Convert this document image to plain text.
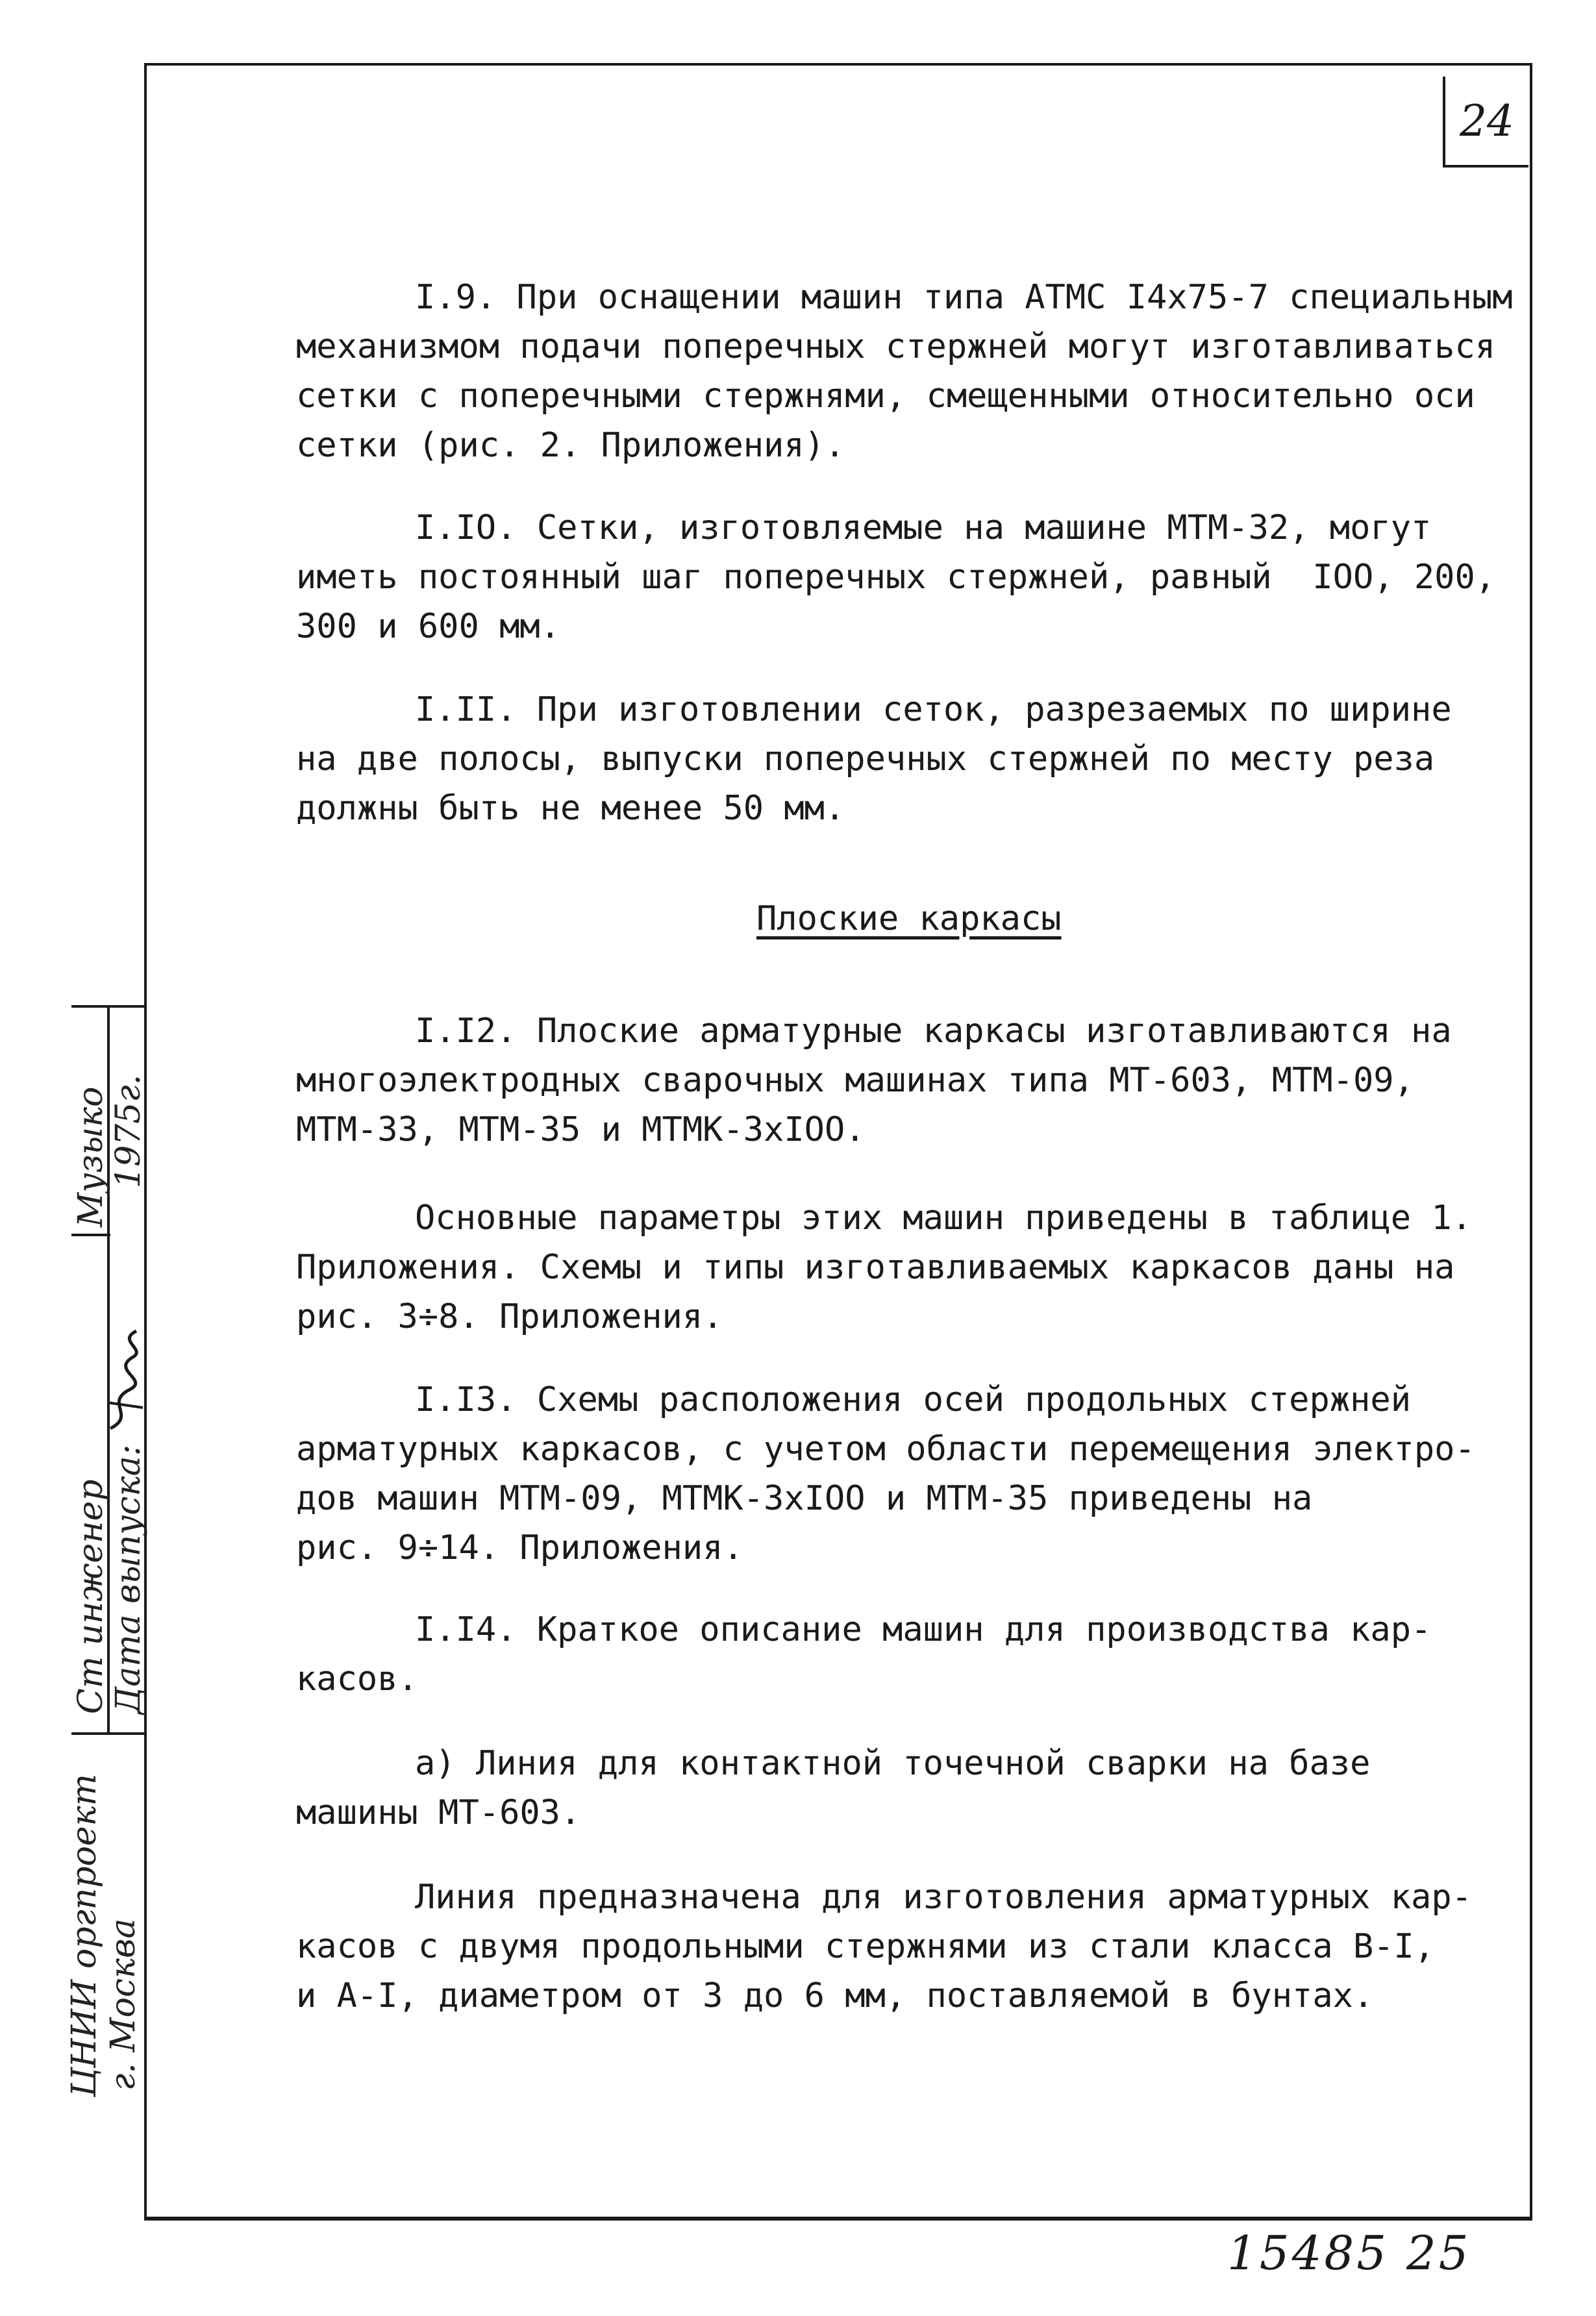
24

I.9. При оснащении машин типа АТМС I4х75-7 специальным

механизмом подачи поперечных стержней могут изготавливаться

сетки с поперечными стержнями, смещенными относительно оси

сетки (рис. 2. Приложения).

I.IO. Сетки, изготовляемые на машине МТМ-32, могут

иметь постоянный шаг поперечных стержней, равный  IOO, 200,

300 и 600 мм.

I.II. При изготовлении сеток, разрезаемых по ширине

на две полосы, выпуски поперечных стержней по месту реза

должны быть не менее 50 мм.

Плоские каркасы

I.I2. Плоские арматурные каркасы изготавливаются на

многоэлектродных сварочных машинах типа МТ-603, МТМ-09,

МТМ-33, МТМ-35 и МТМК-3хIOO.

Основные параметры этих машин приведены в таблице 1.

Приложения. Схемы и типы изготавливаемых каркасов даны на

рис. 3÷8. Приложения.

I.I3. Схемы расположения осей продольных стержней

арматурных каркасов, с учетом области перемещения электро-

дов машин МТМ-09, МТМК-3хIOO и МТМ-35 приведены на

рис. 9÷14. Приложения.

I.I4. Краткое описание машин для производства кар-

касов.

а) Линия для контактной точечной сварки на базе

машины МТ-603.

Линия предназначена для изготовления арматурных кар-

касов с двумя продольными стержнями из стали класса В-I,

и А-I, диаметром от 3 до 6 мм, поставляемой в бунтах.

ЦНИИ оргпроект г. Москва
Ст инженер
Музыко
Дата выпуска:
1975г.
15485 25
